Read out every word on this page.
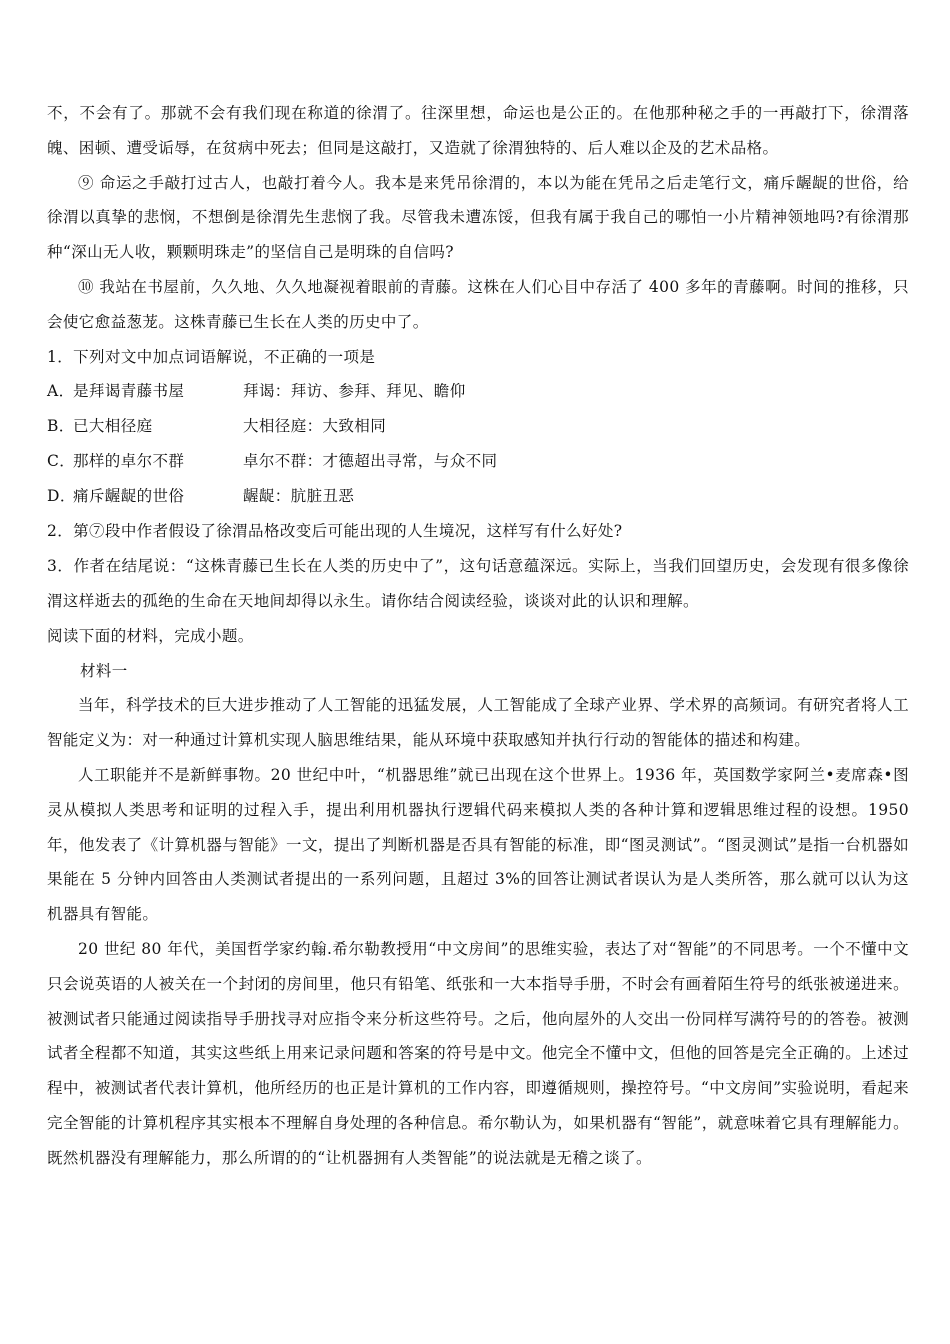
不，不会有了。那就不会有我们现在称道的徐渭了。往深里想，命运也是公正的。在他那种秘之手的一再敲打下，徐渭落魄、困顿、遭受诟辱，在贫病中死去；但同是这敲打，又造就了徐渭独特的、后人难以企及的艺术品格。

⑨ 命运之手敲打过古人，也敲打着今人。我本是来凭吊徐渭的，本以为能在凭吊之后走笔行文，痛斥龌龊的世俗，给徐渭以真挚的悲悯，不想倒是徐渭先生悲悯了我。尽管我未遭冻馁，但我有属于我自己的哪怕一小片精神领地吗?有徐渭那种“深山无人收，颗颗明珠走”的坚信自己是明珠的自信吗?

⑩ 我站在书屋前，久久地、久久地凝视着眼前的青藤。这株在人们心目中存活了 400 多年的青藤啊。时间的推移，只会使它愈益葱茏。这株青藤已生长在人类的历史中了。

1．下列对文中加点词语解说，不正确的一项是

A．
是拜谒青藤书屋	拜谒：拜访、参拜、拜见、瞻仰
B．
已大相径庭	大相径庭：大致相同
C．
那样的卓尔不群	卓尔不群：才德超出寻常，与众不同
D．
痛斥龌龊的世俗	龌龊：肮脏丑恶

2．第⑦段中作者假设了徐渭品格改变后可能出现的人生境况，这样写有什么好处?

3．作者在结尾说：“这株青藤已生长在人类的历史中了”，这句话意蕴深远。实际上，当我们回望历史，会发现有很多像徐渭这样逝去的孤绝的生命在天地间却得以永生。请你结合阅读经验，谈谈对此的认识和理解。

阅读下面的材料，完成小题。

材料一

当年，科学技术的巨大进步推动了人工智能的迅猛发展，人工智能成了全球产业界、学术界的高频词。有研究者将人工智能定义为：对一种通过计算机实现人脑思维结果，能从环境中获取感知并执行行动的智能体的描述和构建。

人工职能并不是新鲜事物。20 世纪中叶，“机器思维”就已出现在这个世界上。1936 年，英国数学家阿兰•麦席森•图灵从模拟人类思考和证明的过程入手，提出利用机器执行逻辑代码来模拟人类的各种计算和逻辑思维过程的设想。1950 年，他发表了《计算机器与智能》一文，提出了判断机器是否具有智能的标准，即“图灵测试”。“图灵测试”是指一台机器如果能在 5 分钟内回答由人类测试者提出的一系列问题，且超过 3%的回答让测试者误认为是人类所答，那么就可以认为这机器具有智能。

20 世纪 80 年代，美国哲学家约翰.希尔勒教授用“中文房间”的思维实验，表达了对“智能”的不同思考。一个不懂中文只会说英语的人被关在一个封闭的房间里，他只有铅笔、纸张和一大本指导手册，不时会有画着陌生符号的纸张被递进来。被测试者只能通过阅读指导手册找寻对应指令来分析这些符号。之后，他向屋外的人交出一份同样写满符号的的答卷。被测试者全程都不知道，其实这些纸上用来记录问题和答案的符号是中文。他完全不懂中文，但他的回答是完全正确的。上述过程中，被测试者代表计算机，他所经历的也正是计算机的工作内容，即遵循规则，操控符号。“中文房间”实验说明，看起来完全智能的计算机程序其实根本不理解自身处理的各种信息。希尔勒认为，如果机器有“智能”，就意味着它具有理解能力。既然机器没有理解能力，那么所谓的的“让机器拥有人类智能”的说法就是无稽之谈了。
